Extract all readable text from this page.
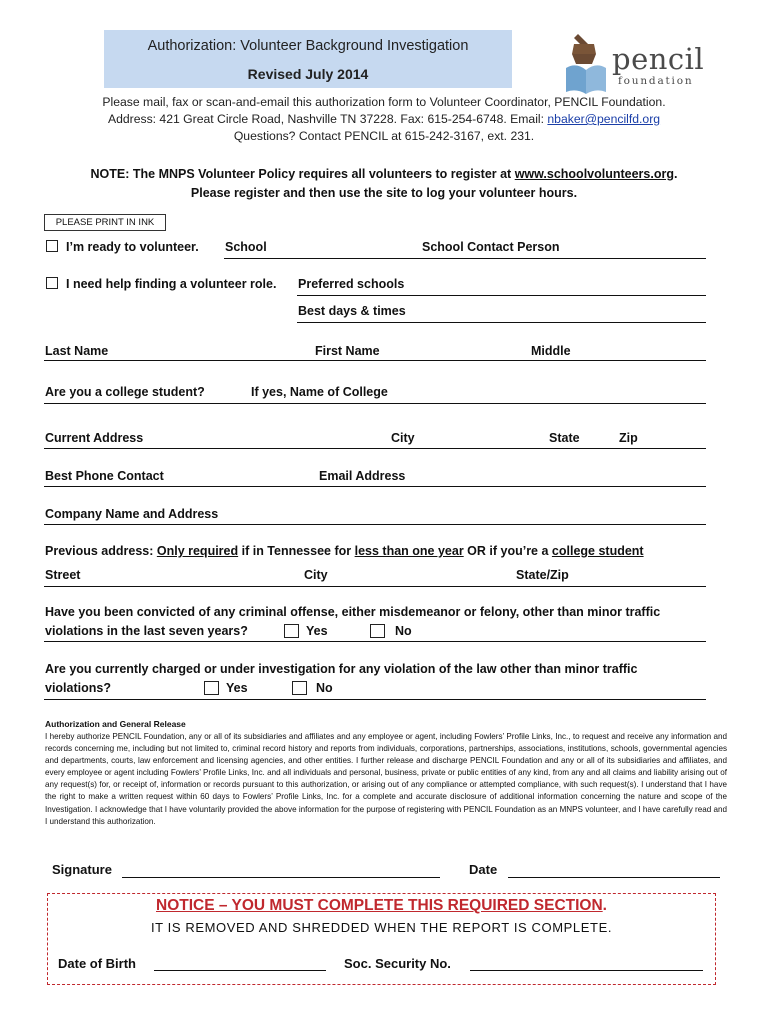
Authorization: Volunteer Background Investigation
Revised July 2014	pencil
foundation
Please mail, fax or scan-and-email this authorization form to Volunteer Coordinator, PENCIL Foundation.
Address: 421 Great Circle Road, Nashville TN 37228. Fax: 615-254-6748. Email: nbaker@pencilfd.org
Questions? Contact PENCIL at 615-242-3167, ext. 231.
NOTE: The MNPS Volunteer Policy requires all volunteers to register at www.schoolvolunteers.org.
Please register and then use the site to log your volunteer hours.
PLEASE PRINT IN INK
I’m ready to volunteer. School	School Contact Person
I need help finding a volunteer role. Preferred schools
Best days & times
Last Name	First Name	Middle
Are you a college student?	If yes, Name of College
Current Address	City	State	Zip
Best Phone Contact	Email Address
Company Name and Address
Previous address: Only required if in Tennessee for less than one year OR if you’re a college student
Street	City	State/Zip
Have you been convicted of any criminal offense, either misdemeanor or felony, other than minor traffic
violations in the last seven years?	Yes	No
Are you currently charged or under investigation for any violation of the law other than minor traffic
violations?	Yes	No
Authorization and General Release
I hereby authorize PENCIL Foundation, any or all of its subsidiaries and affiliates and any employee or agent, including Fowlers’ Profile Links, Inc., to request and receive any information and records concerning me, including but not limited to, criminal record history and reports from individuals, corporations, partnerships, associations, institutions, schools, governmental agencies and departments, courts, law enforcement and licensing agencies, and other entities. I further release and discharge PENCIL Foundation and any or all of its subsidiaries and affiliates, and every employee or agent including Fowlers’ Profile Links, Inc. and all individuals and personal, business, private or public entities of any kind, from any and all claims and liability arising out of any request(s) for, or receipt of, information or records pursuant to this authorization, or arising out of any compliance or attempted compliance, with such request(s). I understand that I have the right to make a written request within 60 days to Fowlers’ Profile Links, Inc. for a complete and accurate disclosure of additional information concerning the nature and scope of the Investigation. I acknowledge that I have voluntarily provided the above information for the purpose of registering with PENCIL Foundation as an MNPS volunteer, and I have carefully read and I understand this authorization.
Signature	Date
NOTICE – YOU MUST COMPLETE THIS REQUIRED SECTION.
IT IS REMOVED AND SHREDDED WHEN THE REPORT IS COMPLETE.
Date of Birth	Soc. Security No.
